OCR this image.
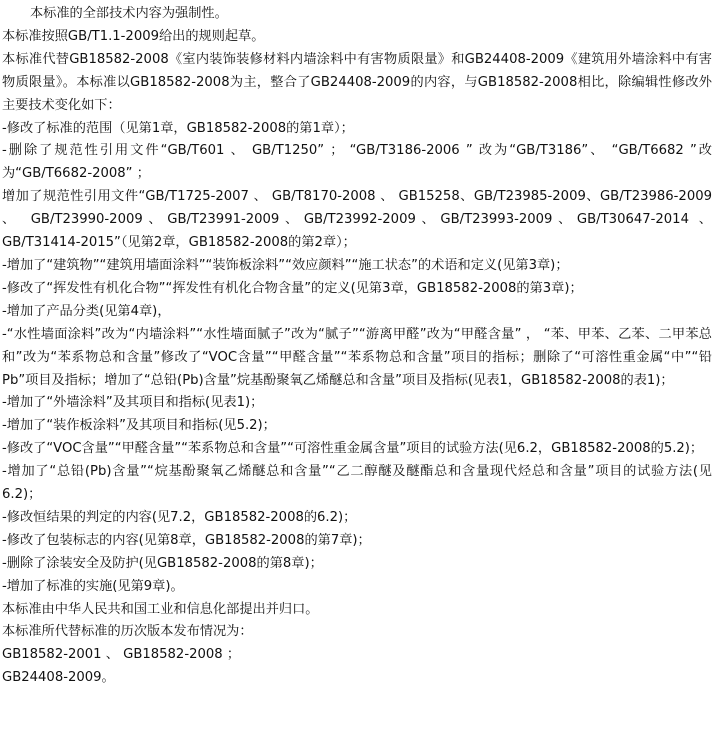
本标准的全部技术内容为强制性。

本标准按照GB/T1.1-2009给出的规则起草。

本标准代替GB18582-2008《室内装饰装修材料内墙涂料中有害物质限量》和GB24408-2009《建筑用外墙涂料中有害物质限量》。本标准以GB18582-2008为主，整合了GB24408-2009的内容，与GB18582-2008相比，除编辑性修改外主要技术变化如下：

-修改了标准的范围（见第1章，GB18582-2008的第1章）；

-删除了规范性引用文件“GB/T601 、 GB/T1250” ； “GB/T3186-2006 ” 改为“GB/T3186”、 “GB/T6682 ”改为“GB/T6682-2008” ；

增加了规范性引用文件“GB/T1725-2007 、 GB/T8170-2008 、 GB15258、GB/T23985-2009、GB/T23986-2009 、 GB/T23990-2009、GB/T23991-2009、GB/T23992-2009、GB/T23993-2009、GB/T30647-2014 、GB/T31414-2015”（见第2章，GB18582-2008的第2章）；

-增加了“建筑物”“建筑用墙面涂料”“装饰板涂料”“效应颜料”“施工状态”的术语和定义(见第3章)；

-修改了“挥发性有机化合物”“挥发性有机化合物含量”的定义(见第3章，GB18582-2008的第3章)；

-增加了产品分类(见第4章)，

-“水性墙面涂料”改为“内墙涂料”“水性墙面腻子”改为“腻子”“游离甲醛”改为“甲醛含量” ， “苯、甲苯、乙苯、二甲苯总和”改为“苯系物总和含量”修改了“VOC含量”“甲醛含量”“苯系物总和含量”项目的指标；删除了“可溶性重金属“中”“铅Pb”项目及指标；增加了“总铅(Pb)含量”烷基酚聚氧乙烯醚总和含量”项目及指标(见表1，GB18582-2008的表1)；

-增加了“外墙涂料”及其项目和指标(见表1)；

-增加了“装作板涂料”及其项目和指标(见5.2)；

-修改了“VOC含量”“甲醛含量”“苯系物总和含量”“可溶性重金属含量”项目的试验方法(见6.2，GB18582-2008的5.2)；

-增加了“总铅(Pb)含量”“烷基酚聚氧乙烯醚总和含量”“乙二醇醚及醚酯总和含量现代烃总和含量”项目的试验方法(见6.2)；

-修改恒结果的判定的内容(见7.2，GB18582-2008的6.2)；

-修改了包装标志的内容(见第8章，GB18582-2008的第7章)；

-删除了涂装安全及防护(见GB18582-2008的第8章)；

-增加了标准的实施(见第9章)。

本标准由中华人民共和国工业和信息化部提出并归口。

本标准所代替标准的历次版本发布情况为：

GB18582-2001 、 GB18582-2008 ；

GB24408-2009。
